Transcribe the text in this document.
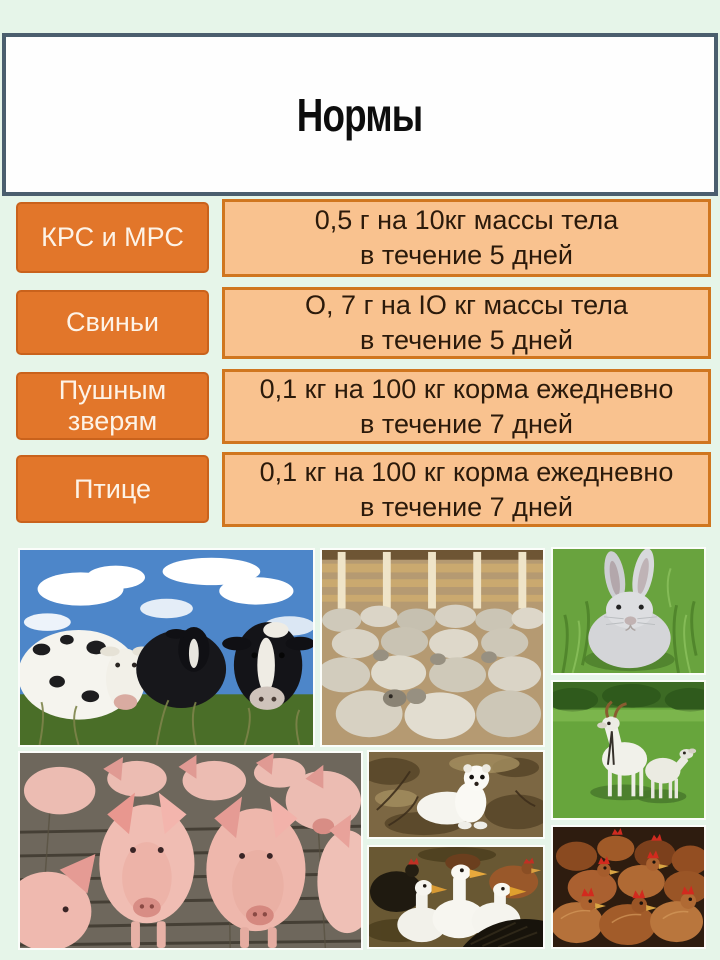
Нормы
КРС и МРС
0,5 г на 10кг массы тела
в течение 5 дней
Свиньи
О, 7 г на IО кг массы тела
в течение 5 дней
Пушным зверям
0,1 кг на 100 кг корма ежедневно
в течение 7 дней
Птице
0,1 кг на 100 кг корма ежедневно
в течение 7 дней
